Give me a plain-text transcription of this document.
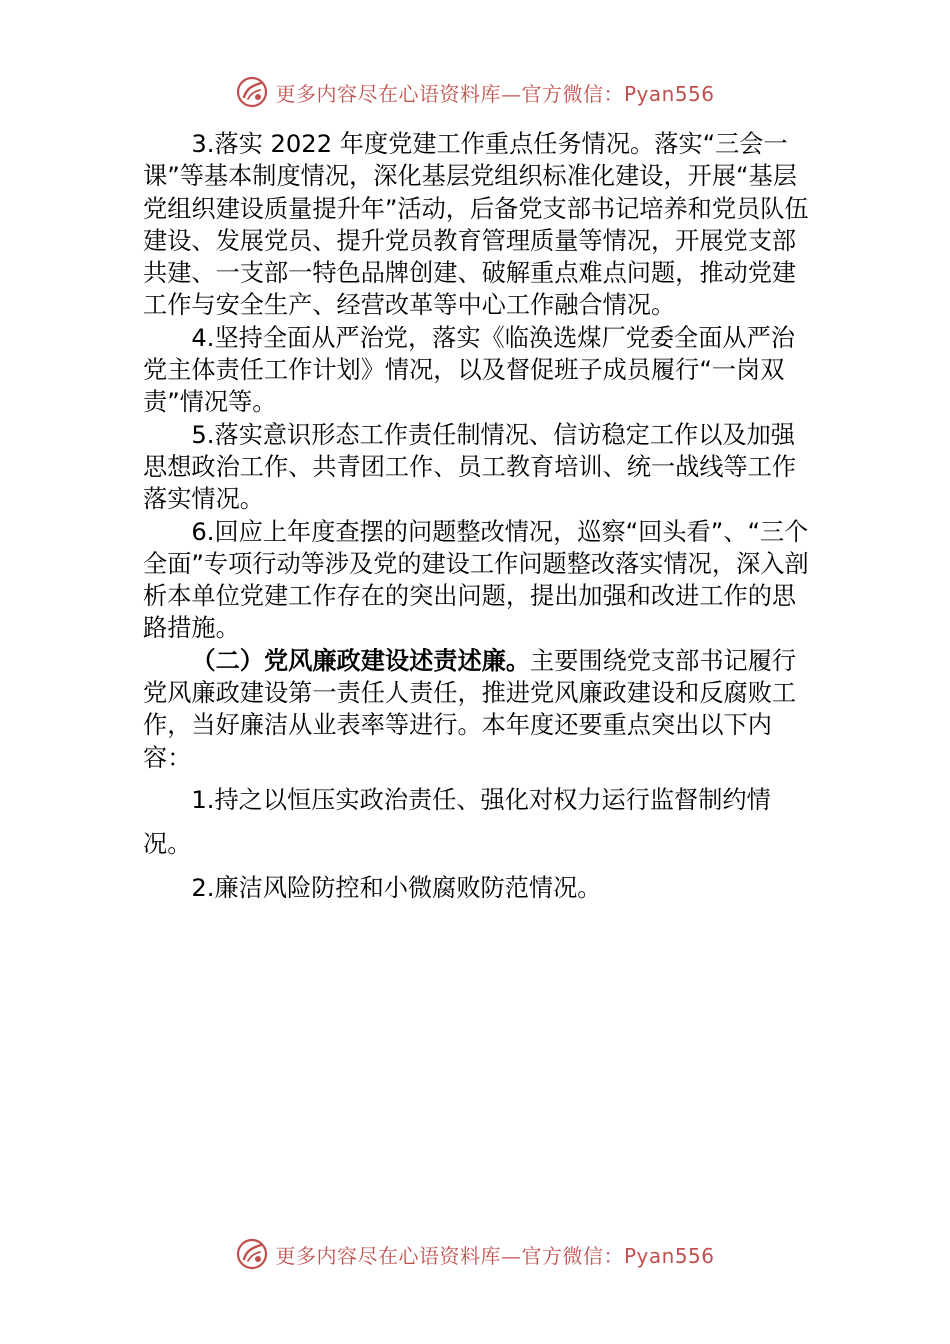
更多内容尽在心语资料库—官方微信：Pyan556

3.落实 2022 年度党建工作重点任务情况。落实“三会一课”等基本制度情况，深化基层党组织标准化建设，开展“基层党组织建设质量提升年”活动，后备党支部书记培养和党员队伍建设、发展党员、提升党员教育管理质量等情况，开展党支部共建、一支部一特色品牌创建、破解重点难点问题，推动党建工作与安全生产、经营改革等中心工作融合情况。

4.坚持全面从严治党，落实《临涣选煤厂党委全面从严治党主体责任工作计划》情况，以及督促班子成员履行“一岗双责”情况等。

5.落实意识形态工作责任制情况、信访稳定工作以及加强思想政治工作、共青团工作、员工教育培训、统一战线等工作落实情况。

6.回应上年度查摆的问题整改情况，巡察“回头看”、“三个全面”专项行动等涉及党的建设工作问题整改落实情况，深入剖析本单位党建工作存在的突出问题，提出加强和改进工作的思路措施。

（二）党风廉政建设述责述廉。主要围绕党支部书记履行党风廉政建设第一责任人责任，推进党风廉政建设和反腐败工作，当好廉洁从业表率等进行。本年度还要重点突出以下内容：

1.持之以恒压实政治责任、强化对权力运行监督制约情况。

2.廉洁风险防控和小微腐败防范情况。

更多内容尽在心语资料库—官方微信：Pyan556
